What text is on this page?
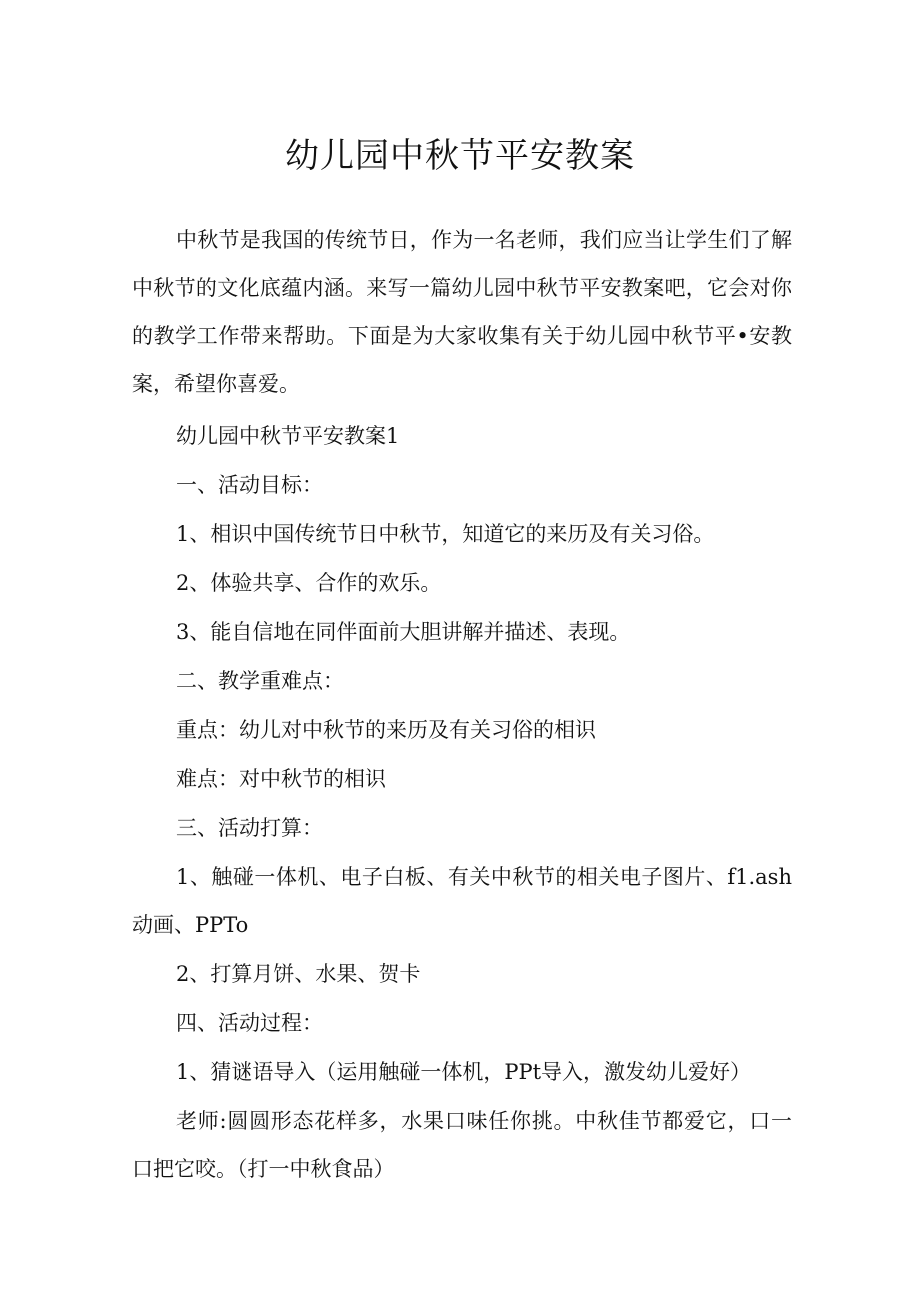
幼儿园中秋节平安教案

中秋节是我国的传统节日，作为一名老师，我们应当让学生们了解中秋节的文化底蕴内涵。来写一篇幼儿园中秋节平安教案吧，它会对你的教学工作带来帮助。下面是为大家收集有关于幼儿园中秋节平•安教案，希望你喜爱。

幼儿园中秋节平安教案1

一、活动目标：

1、相识中国传统节日中秋节，知道它的来历及有关习俗。

2、体验共享、合作的欢乐。

3、能自信地在同伴面前大胆讲解并描述、表现。

二、教学重难点：

重点：幼儿对中秋节的来历及有关习俗的相识

难点：对中秋节的相识

三、活动打算：

1、触碰一体机、电子白板、有关中秋节的相关电子图片、f1.ash动画、PPTo

2、打算月饼、水果、贺卡

四、活动过程：

1、猜谜语导入（运用触碰一体机，PPt导入，激发幼儿爱好）

老师:圆圆形态花样多，水果口味任你挑。中秋佳节都爱它，口一口把它咬。（打一中秋食品）
